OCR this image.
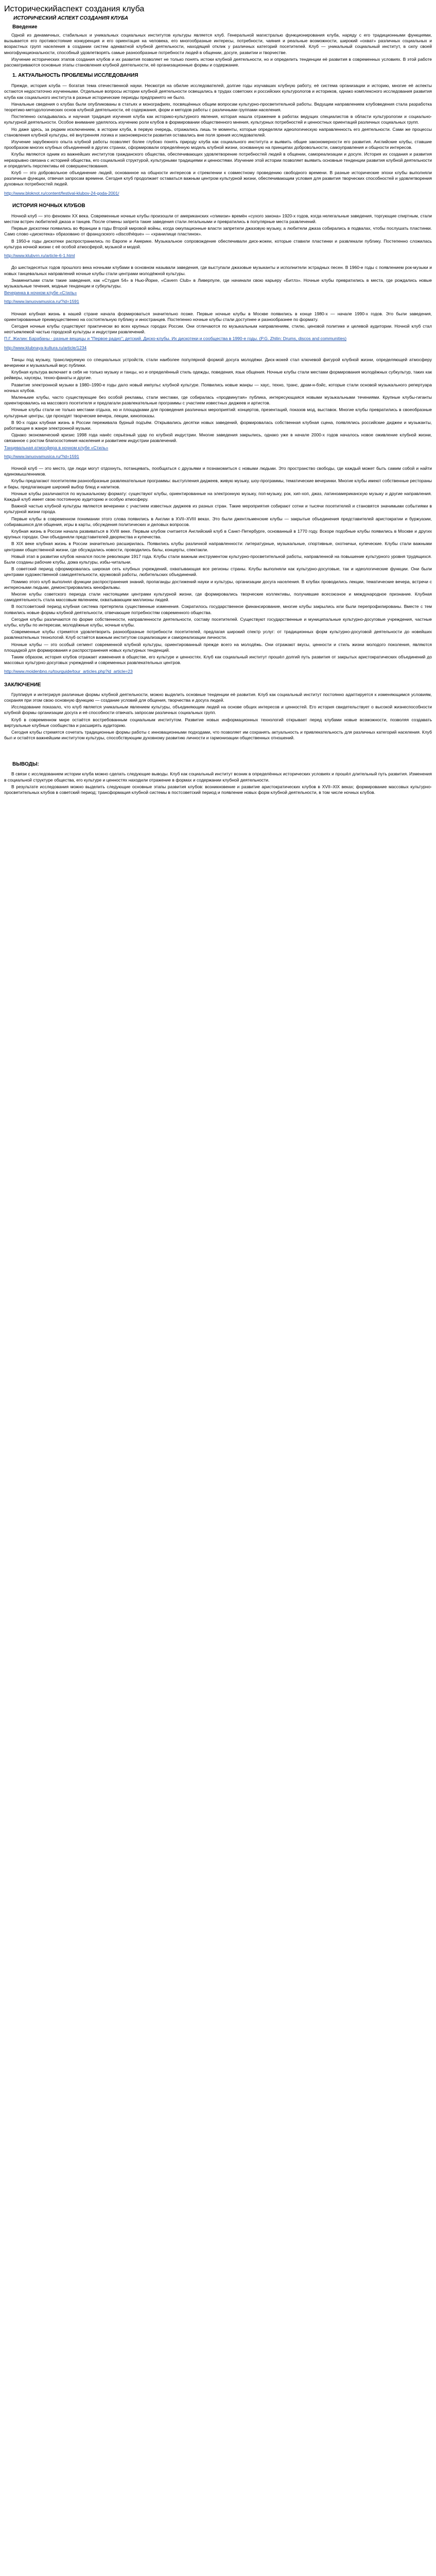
Историческийаспект создания клуба
ИСТОРИЧЕСКИЙ АСПЕКТ СОЗДАНИЯ КЛУБА
Введение

Одной из динамичных, стабильных и уникальных социальных институтов культуры является клуб. Генеральной магистралью функционирования клуба, наряду с его традиционными функциями, вызывается его противостояние конкуренция и его ориентация на человека, его многообразные интересы, потребности, чаяния и реальные возможности, широкий «охват» различных социальных и возрастных групп населения в создании систем адекватной клубной деятельности, находящей отклик у различных категорий посетителей. Клуб — уникальный социальный институт, в силу своей многофункциональности, способный удовлетворять самые разнообразные потребности людей в общении, досуге, развитии и творчестве.

Изучение исторических этапов создания клубов и их развития позволяет не только понять истоки клубной деятельности, но и определить тенденции её развития в современных условиях. В этой работе рассматриваются основные этапы становления клубной деятельности, её организационные формы и содержание.

1. АКТУАЛЬНОСТЬ ПРОБЛЕМЫ ИССЛЕДОВАНИЯ

Прежде, история клуба — богатая тема отечественной науки. Несмотря на обилие исследователей, долгие годы изучавших клубную работу, её система организации и историю, многие её аспекты остаются недостаточно изученными. Отдельные вопросы истории клубной деятельности освещались в трудах советских и российских культурологов и историков, однако комплексного исследования развития клуба как социального института в разные исторические периоды предпринято не было.

Начальные сведения о клубах были опубликованы в статьях и монографиях, посвящённых общим вопросам культурно-просветительной работы. Ведущим направлением клубоведения стала разработка теоретико-методологических основ клубной деятельности, её содержания, форм и методов работы с различными группами населения.

Постепенно складывалась и научная традиция изучения клуба как историко-культурного явления, которая нашла отражение в работах ведущих специалистов в области культурологии и социально-культурной деятельности. Особое внимание уделялось изучению роли клубов в формировании общественного мнения, культурных потребностей и ценностных ориентаций различных социальных групп.

Но даже здесь, за редким исключением, в истории клуба, в первую очередь, отражались лишь те моменты, которые определяли идеологическую направленность его деятельности. Сами же процессы становления клубной культуры, её внутренняя логика и закономерности развития оставались вне поля зрения исследователей.

Изучение зарубежного опыта клубной работы позволяет более глубоко понять природу клуба как социального института и выявить общие закономерности его развития. Английские клубы, ставшие прообразом многих клубных объединений в других странах, сформировали определённую модель клубной жизни, основанную на принципах добровольности, самоуправления и общности интересов.

Клубы являются одним из важнейших институтов гражданского общества, обеспечивающих удовлетворение потребностей людей в общении, самореализации и досуге. История их создания и развития неразрывно связана с историей общества, его социальной структурой, культурными традициями и ценностями. Изучение этой истории позволяет выявить основные тенденции развития клубной деятельности и определить перспективы её совершенствования.

Клуб — это добровольное объединение людей, основанное на общности интересов и стремлении к совместному проведению свободного времени. В разные исторические эпохи клубы выполняли различные функции, отвечая запросам времени. Сегодня клуб продолжает оставаться важным центром культурной жизни, обеспечивающим условия для развития творческих способностей и удовлетворения духовных потребностей людей.

http://www.bloknot.ru/content/festival-klubov-24-goda-2001/
ИСТОРИЯ НОЧНЫХ КЛУБОВ

Ночной клуб — это феномен XX века. Современные ночные клубы произошли от американских «спикизи» времён «сухого закона» 1920-х годов, когда нелегальные заведения, торгующие спиртным, стали местом встреч любителей джаза и танцев. После отмены запрета такие заведения стали легальными и превратились в популярные места развлечений.

Первые дискотеки появились во Франции в годы Второй мировой войны, когда оккупационные власти запретили джазовую музыку, а любители джаза собирались в подвалах, чтобы послушать пластинки. Само слово «дискотека» образовано от французского «discothèque» — «хранилище пластинок».

В 1950-е годы дискотеки распространились по Европе и Америке. Музыкальное сопровождение обеспечивали диск-жокеи, которые ставили пластинки и развлекали публику. Постепенно сложилась культура ночной жизни с её особой атмосферой, музыкой и модой.

http://www.klubvrn.ru/article-6-1.html

До шестидесятых годов прошлого века ночными клубами в основном называли заведения, где выступали джазовые музыканты и исполнители эстрадных песен. В 1960-е годы с появлением рок-музыки и новых танцевальных направлений ночные клубы стали центрами молодёжной культуры.

Знаменитыми стали такие заведения, как «Студия 54» в Нью-Йорке, «Cavern Club» в Ливерпуле, где начинали свою карьеру «Битлз». Ночные клубы превратились в места, где рождались новые музыкальные течения, модные тенденции и субкультуры.

Вечеринка в ночном клубе «Стиль»
http://www.lanuovamusica.ru/?id=1591

Ночная клубная жизнь в нашей стране начала формироваться значительно позже. Первые ночные клубы в Москве появились в конце 1980-х — начале 1990-х годов. Это были заведения, ориентированные преимущественно на состоятельную публику и иностранцев. Постепенно ночные клубы стали доступнее и разнообразнее по формату.

Сегодня ночные клубы существуют практически во всех крупных городах России. Они отличаются по музыкальным направлениям, стилю, ценовой политике и целевой аудитории. Ночной клуб стал неотъемлемой частью городской культуры и индустрии развлечений.

П.Г. Жилин: Барабаны - разные вещицы и "Первое радио"; детский. Диско-клубы. Их дискотеки и сообщества в 1990-е годы. (P.G. Zhilin: Drums, discos and communities)
http://www.klubnaya-kultura.ru/article/1234

Танцы под музыку, транслируемую со специальных устройств, стали наиболее популярной формой досуга молодёжи. Диск-жокей стал ключевой фигурой клубной жизни, определяющей атмосферу вечеринки и музыкальный вкус публики.

Клубная культура включает в себя не только музыку и танцы, но и определённый стиль одежды, поведения, язык общения. Ночные клубы стали местами формирования молодёжных субкультур, таких как рейверы, хаусеры, техно-фанаты и другие.

Развитие электронной музыки в 1980–1990-е годы дало новый импульс клубной культуре. Появились новые жанры — хаус, техно, транс, драм-н-бэйс, которые стали основой музыкального репертуара ночных клубов.

Маленькие клубы, часто существующие без особой рекламы, стали местами, где собиралась «продвинутая» публика, интересующаяся новыми музыкальными течениями. Крупные клубы-гиганты ориентировались на массового посетителя и предлагали развлекательные программы с участием известных диджеев и артистов.

Ночные клубы стали не только местами отдыха, но и площадками для проведения различных мероприятий: концертов, презентаций, показов мод, выставок. Многие клубы превратились в своеобразные культурные центры, где проходят творческие вечера, лекции, кинопоказы.

В 90-х годах клубная жизнь в России переживала бурный подъём. Открывались десятки новых заведений, формировалась собственная клубная сцена, появлялись российские диджеи и музыканты, работающие в жанре электронной музыки.

Однако экономический кризис 1998 года нанёс серьёзный удар по клубной индустрии. Многие заведения закрылись, однако уже в начале 2000-х годов началось новое оживление клубной жизни, связанное с ростом благосостояния населения и развитием индустрии развлечений.

Танцевальная атмосфера в ночном клубе «Стиль»
http://www.lanuovamusica.ru/?id=1591

Ночной клуб — это место, где люди могут отдохнуть, потанцевать, пообщаться с друзьями и познакомиться с новыми людьми. Это пространство свободы, где каждый может быть самим собой и найти единомышленников.

Клубы предлагают посетителям разнообразные развлекательные программы: выступления диджеев, живую музыку, шоу-программы, тематические вечеринки. Многие клубы имеют собственные рестораны и бары, предлагающие широкий выбор блюд и напитков.

Ночные клубы различаются по музыкальному формату: существуют клубы, ориентированные на электронную музыку, поп-музыку, рок, хип-хоп, джаз, латиноамериканскую музыку и другие направления. Каждый клуб имеет свою постоянную аудиторию и особую атмосферу.

Важной частью клубной культуры являются вечеринки с участием известных диджеев из разных стран. Такие мероприятия собирают сотни и тысячи посетителей и становятся значимыми событиями в культурной жизни города.

Первые клубы в современном понимании этого слова появились в Англии в XVII–XVIII веках. Это были джентльменские клубы — закрытые объединения представителей аристократии и буржуазии, собиравшихся для общения, игры в карты, обсуждения политических и деловых вопросов.

Клубная жизнь в России начала развиваться в XVIII веке. Первым клубом считается Английский клуб в Санкт-Петербурге, основанный в 1770 году. Вскоре подобные клубы появились в Москве и других крупных городах. Они объединяли представителей дворянства и купечества.

В XIX веке клубная жизнь в России значительно расширилась. Появились клубы различной направленности: литературные, музыкальные, спортивные, охотничьи, купеческие. Клубы стали важными центрами общественной жизни, где обсуждались новости, проводились балы, концерты, спектакли.

Новый этап в развитии клубов начался после революции 1917 года. Клубы стали важным инструментом культурно-просветительной работы, направленной на повышение культурного уровня трудящихся. Были созданы рабочие клубы, дома культуры, избы-читальни.

В советский период сформировалась широкая сеть клубных учреждений, охватывающая все регионы страны. Клубы выполняли как культурно-досуговые, так и идеологические функции. Они были центрами художественной самодеятельности, кружковой работы, любительских объединений.

Помимо этого клуб выполнял функции распространения знаний, пропаганды достижений науки и культуры, организации досуга населения. В клубах проводились лекции, тематические вечера, встречи с интересными людьми, демонстрировались кинофильмы.

Многие клубы советского периода стали настоящими центрами культурной жизни, где формировались творческие коллективы, получившие всесоюзное и международное признание. Клубная самодеятельность стала массовым явлением, охватывающим миллионы людей.

В постсоветский период клубная система претерпела существенные изменения. Сократилось государственное финансирование, многие клубы закрылись или были перепрофилированы. Вместе с тем появились новые формы клубной деятельности, отвечающие потребностям современного общества.

Сегодня клубы различаются по форме собственности, направленности деятельности, составу посетителей. Существуют государственные и муниципальные культурно-досуговые учреждения, частные клубы, клубы по интересам, молодёжные клубы, ночные клубы.

Современные клубы стремятся удовлетворить разнообразные потребности посетителей, предлагая широкий спектр услуг: от традиционных форм культурно-досуговой деятельности до новейших развлекательных технологий. Клуб остаётся важным институтом социализации и самореализации личности.

Ночные клубы — это особый сегмент современной клубной культуры, ориентированный прежде всего на молодёжь. Они отражают вкусы, ценности и стиль жизни молодого поколения, являются площадкой для формирования и распространения новых культурных тенденций.

Таким образом, история клубов отражает изменения в обществе, его культуре и ценностях. Клуб как социальный институт прошёл долгий путь развития от закрытых аристократических объединений до массовых культурно-досуговых учреждений и современных развлекательных центров.

http://www.moidenbno.ru/tourguide/tour_articles.php?id_article=23
ЗАКЛЮЧЕНИЕ

Группируя и интегрируя различные формы клубной деятельности, можно выделить основные тенденции её развития. Клуб как социальный институт постоянно адаптируется к изменяющимся условиям, сохраняя при этом свою основную функцию — создание условий для общения, творчества и досуга людей.

Исследование показало, что клуб является уникальным явлением культуры, объединяющим людей на основе общих интересов и ценностей. Его история свидетельствует о высокой жизнеспособности клубной формы организации досуга и её способности отвечать запросам различных социальных групп.

Клуб в современном мире остаётся востребованным социальным институтом. Развитие новых информационных технологий открывает перед клубами новые возможности, позволяя создавать виртуальные клубные сообщества и расширять аудиторию.

Сегодня клубы стремятся сочетать традиционные формы работы с инновационными подходами, что позволяет им сохранять актуальность и привлекательность для различных категорий населения. Клуб был и остаётся важнейшим институтом культуры, способствующим духовному развитию личности и гармонизации общественных отношений.

ВЫВОДЫ:

В связи с исследованием истории клуба можно сделать следующие выводы. Клуб как социальный институт возник в определённых исторических условиях и прошёл длительный путь развития. Изменения в социальной структуре общества, его культуре и ценностях находили отражение в формах и содержании клубной деятельности.

В результате исследования можно выделить следующие основные этапы развития клубов: возникновение и развитие аристократических клубов в XVII–XIX веках; формирование массовых культурно-просветительных клубов в советский период; трансформация клубной системы в постсоветский период и появление новых форм клубной деятельности, в том числе ночных клубов.
